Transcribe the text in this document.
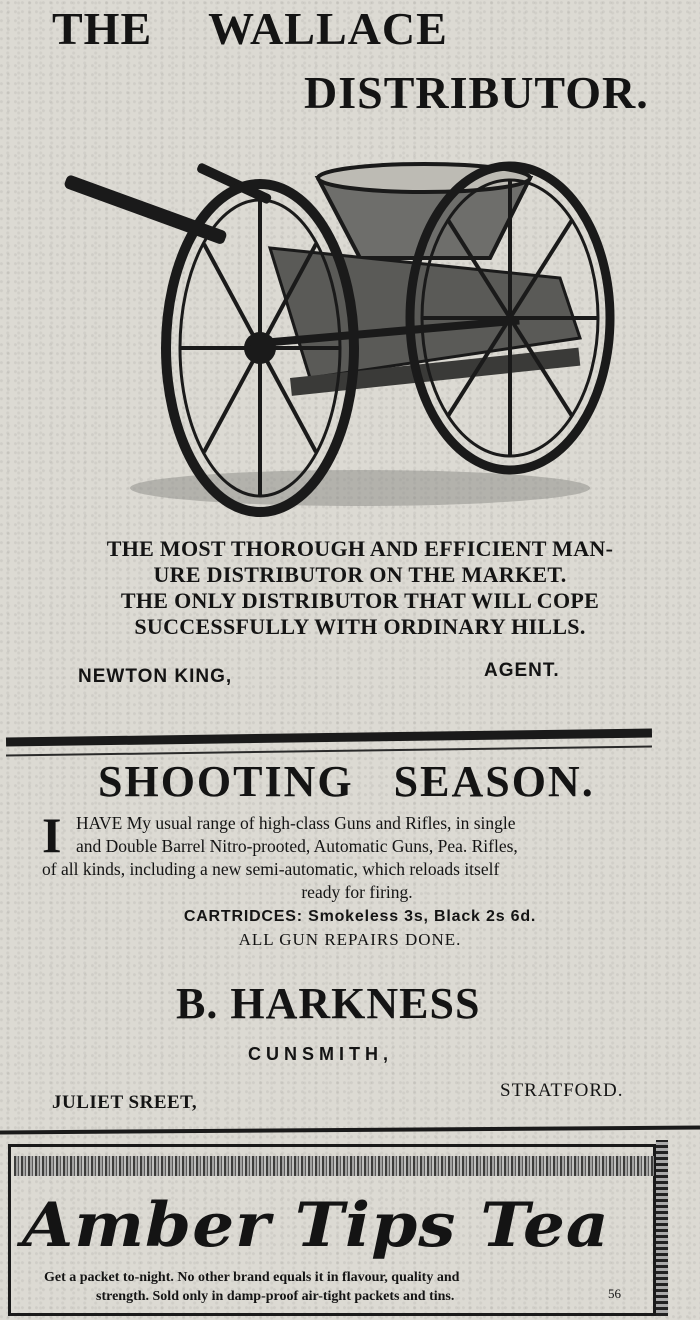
THE WALLACE
DISTRIBUTOR.
THE MOST THOROUGH AND EFFICIENT MAN-
URE DISTRIBUTOR ON THE MARKET.
THE ONLY DISTRIBUTOR THAT WILL COPE
SUCCESSFULLY WITH ORDINARY HILLS.
NEWTON KING,	AGENT.
SHOOTING SEASON.
I HAVE My usual range of high-class Guns and Rifles, in single
and Double Barrel Nitro-prooted, Automatic Guns, Pea. Rifles,
of all kinds, including a new semi-automatic, which reloads itself
ready for firing.
CARTRIDCES: Smokeless 3s, Black 2s 6d.
ALL GUN REPAIRS DONE.
B. HARKNESS
CUNSMITH,
JULIET SREET,
STRATFORD.
Amber Tips Tea
Get a packet to-night. No other brand equals it in flavour, quality and
strength. Sold only in damp-proof air-tight packets and tins.	56
